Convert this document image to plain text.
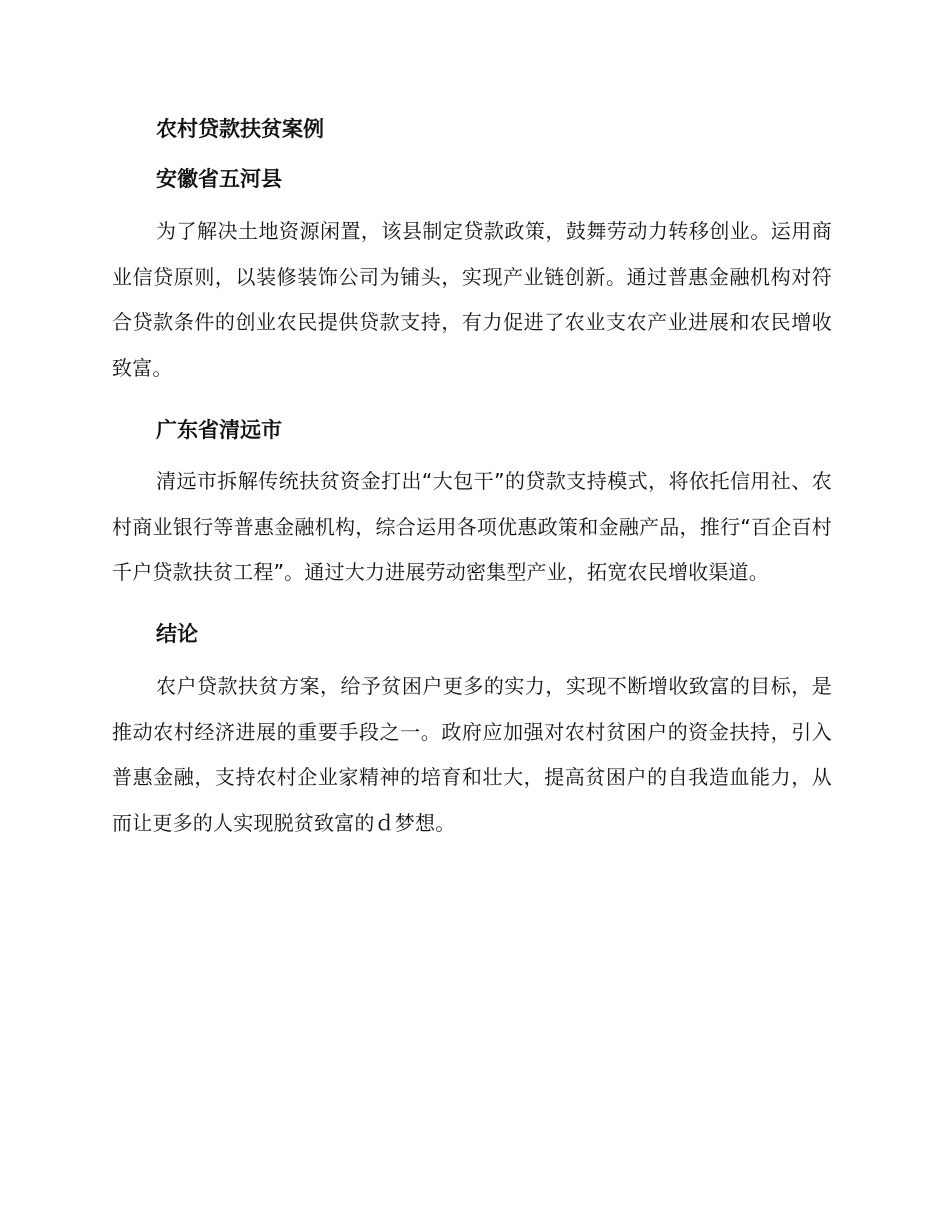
农村贷款扶贫案例
安徽省五河县

为了解决土地资源闲置，该县制定贷款政策，鼓舞劳动力转移创业。运用商业信贷原则，以装修装饰公司为铺头，实现产业链创新。通过普惠金融机构对符合贷款条件的创业农民提供贷款支持，有力促进了农业支农产业进展和农民增收致富。

广东省清远市

清远市拆解传统扶贫资金打出“大包干”的贷款支持模式，将依托信用社、农村商业银行等普惠金融机构，综合运用各项优惠政策和金融产品，推行“百企百村千户贷款扶贫工程”。通过大力进展劳动密集型产业，拓宽农民增收渠道。

结论

农户贷款扶贫方案，给予贫困户更多的实力，实现不断增收致富的目标，是推动农村经济进展的重要手段之一。政府应加强对农村贫困户的资金扶持，引入普惠金融，支持农村企业家精神的培育和壮大，提高贫困户的自我造血能力，从而让更多的人实现脱贫致富的ｄ梦想。
